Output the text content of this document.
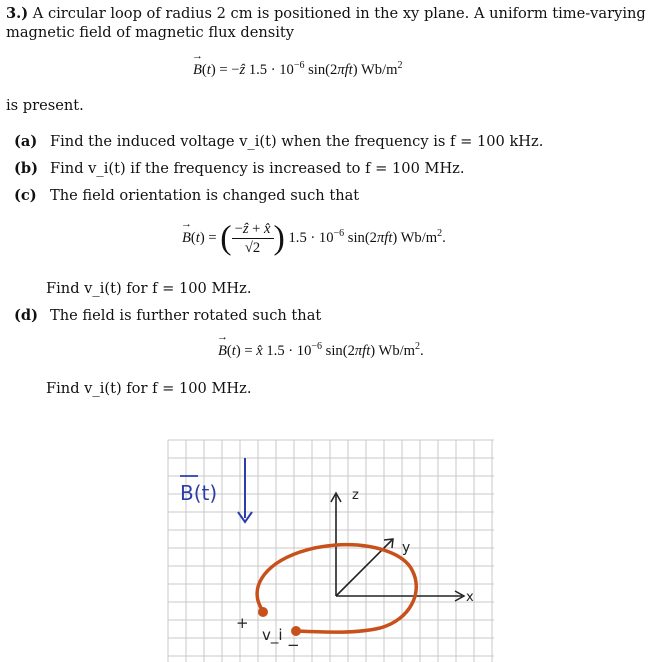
3.) A circular loop of radius 2 cm is positioned in the xy plane. A uniform time-varying
magnetic field of magnetic flux density
→ B(t) = −ẑ $1.5 \cdot 10^{-6}$ sin(2πft) $Wb/m^2$
is present.
(a) Find the induced voltage v_i(t) when the frequency is f = 100 kHz.
(b) Find v_i(t) if the frequency is increased to f = 100 MHz.
(c) The field orientation is changed such that
→ B(t) = ( $\frac{\text{−ẑ + x̂}}{√2}$ ) $1.5 \cdot 10^{-6}$ sin(2πft) $Wb/m^2$.
Find v_i(t) for f = 100 MHz.
(d) The field is further rotated such that
→ B(t) = x̂ $1.5 \cdot 10^{-6}$ sin(2πft) $Wb/m^2$.
Find v_i(t) for f = 100 MHz.
B(t)	z
y
x
+
−
v_i
